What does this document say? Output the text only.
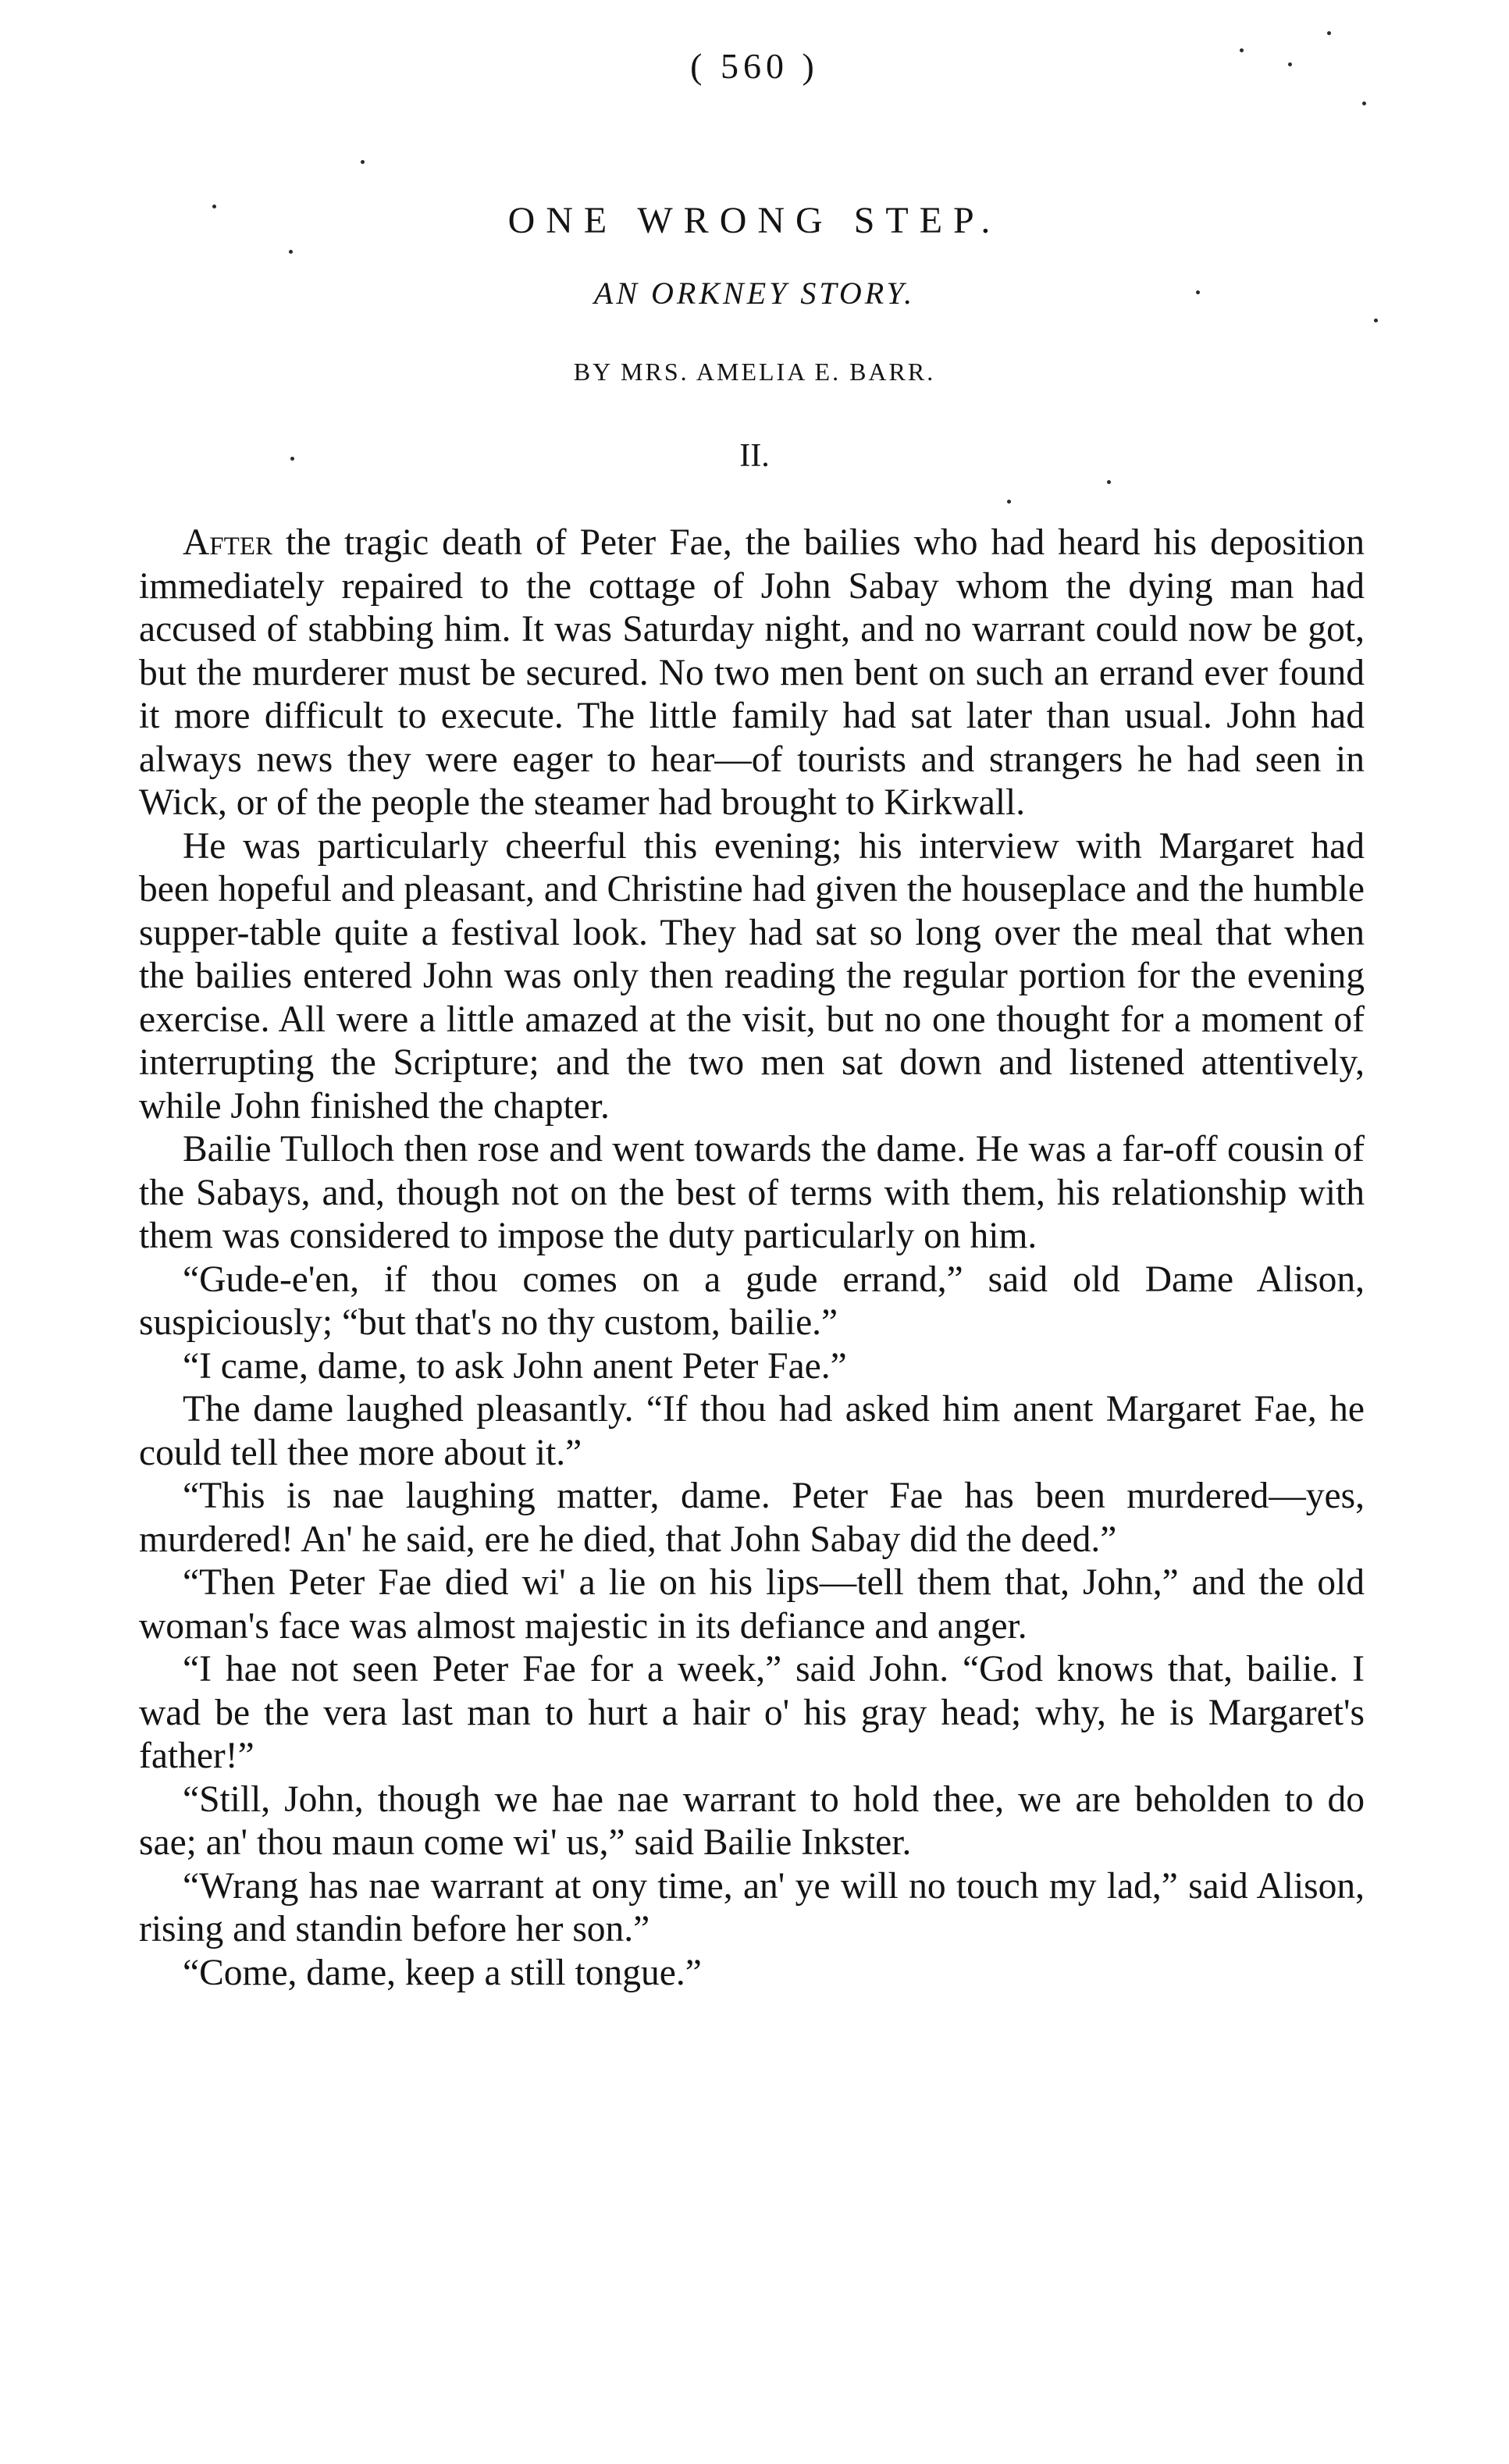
( 560 )
ONE WRONG STEP.
AN ORKNEY STORY.
BY MRS. AMELIA E. BARR.
II.

After the tragic death of Peter Fae, the bailies who had heard his deposition immediately repaired to the cottage of John Sabay whom the dying man had accused of stabbing him. It was Saturday night, and no warrant could now be got, but the murderer must be secured. No two men bent on such an errand ever found it more difficult to execute. The little family had sat later than usual. John had always news they were eager to hear—of tourists and strangers he had seen in Wick, or of the people the steamer had brought to Kirkwall.

He was particularly cheerful this evening; his interview with Margaret had been hopeful and pleasant, and Christine had given the houseplace and the humble supper-table quite a festival look. They had sat so long over the meal that when the bailies entered John was only then reading the regular portion for the evening exercise. All were a little amazed at the visit, but no one thought for a moment of interrupting the Scripture; and the two men sat down and listened attentively, while John finished the chapter.

Bailie Tulloch then rose and went towards the dame. He was a far-off cousin of the Sabays, and, though not on the best of terms with them, his relationship with them was considered to impose the duty particularly on him.

“Gude-e'en, if thou comes on a gude errand,” said old Dame Alison, suspiciously; “but that's no thy custom, bailie.”

“I came, dame, to ask John anent Peter Fae.”

The dame laughed pleasantly. “If thou had asked him anent Margaret Fae, he could tell thee more about it.”

“This is nae laughing matter, dame. Peter Fae has been murdered—yes, murdered! An' he said, ere he died, that John Sabay did the deed.”

“Then Peter Fae died wi' a lie on his lips—tell them that, John,” and the old woman's face was almost majestic in its defiance and anger.

“I hae not seen Peter Fae for a week,” said John. “God knows that, bailie. I wad be the vera last man to hurt a hair o' his gray head; why, he is Margaret's father!”

“Still, John, though we hae nae warrant to hold thee, we are beholden to do sae; an' thou maun come wi' us,” said Bailie Inkster.

“Wrang has nae warrant at ony time, an' ye will no touch my lad,” said Alison, rising and standin before her son.”

“Come, dame, keep a still tongue.”
